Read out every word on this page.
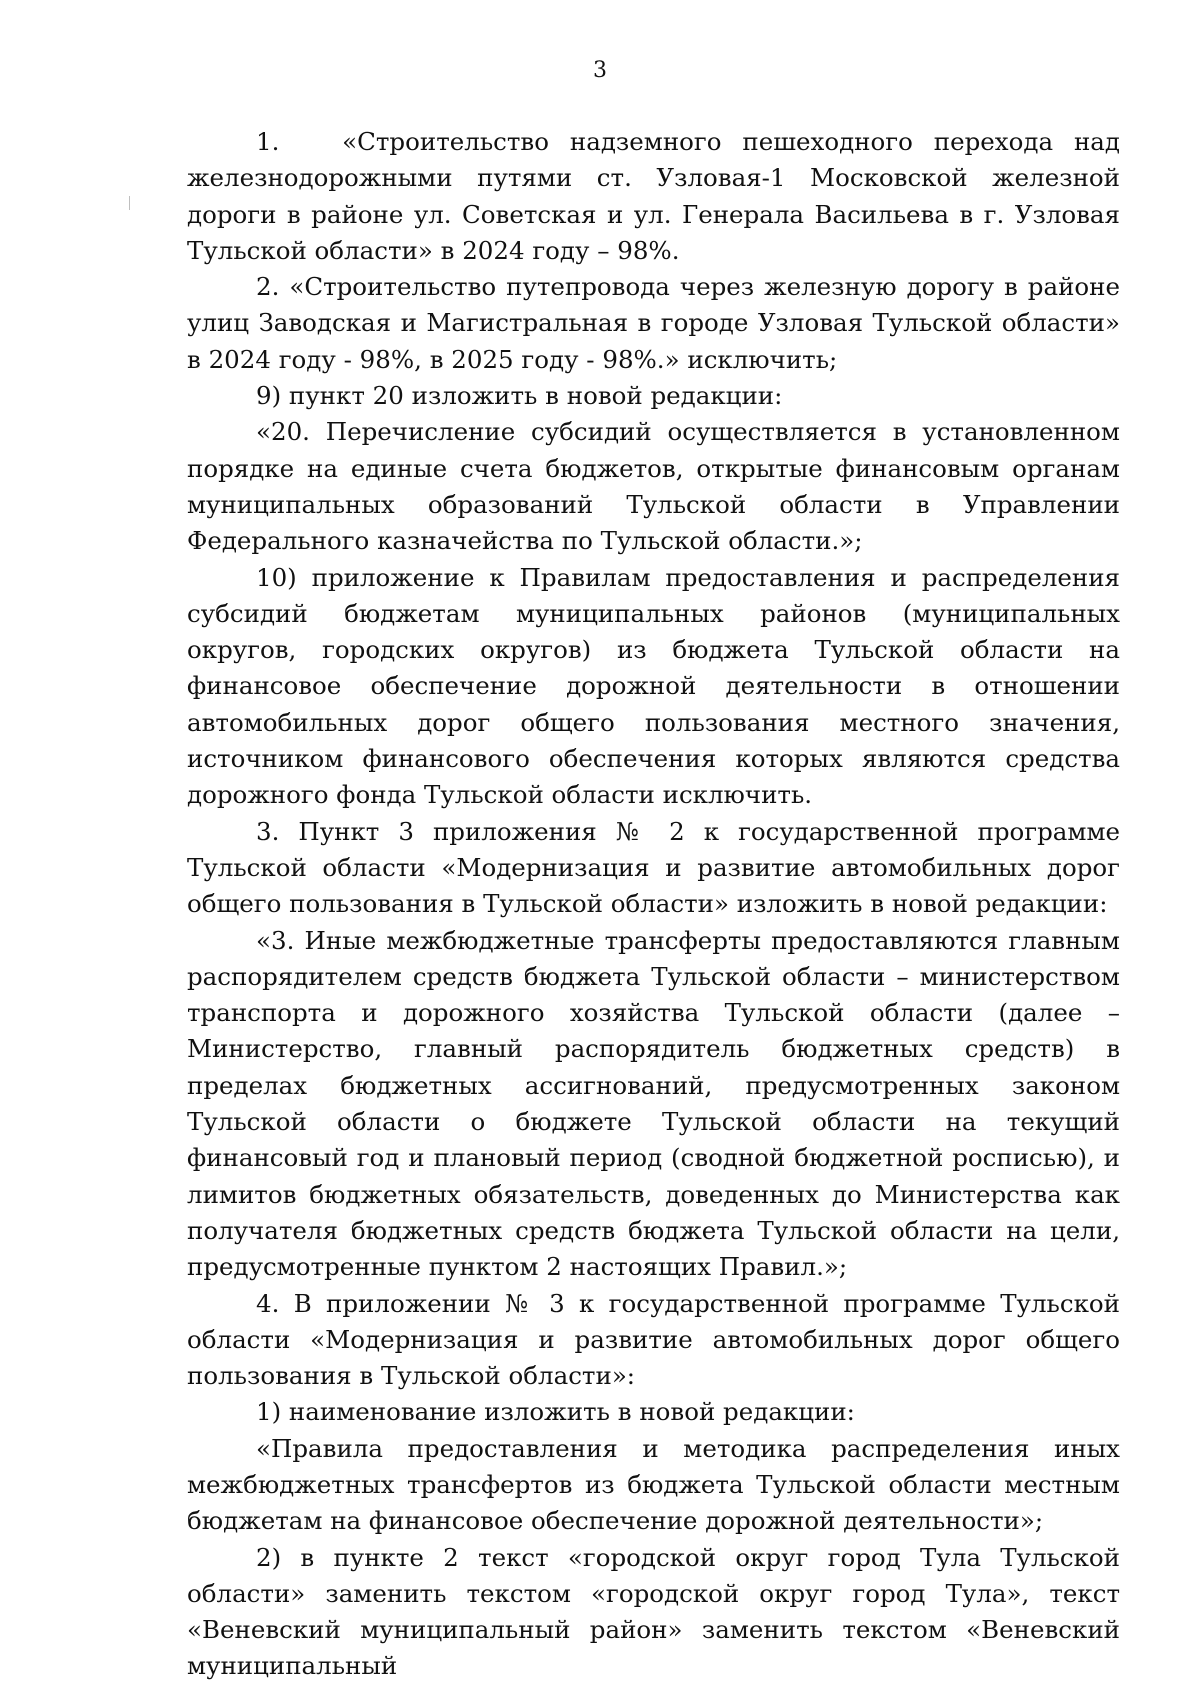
3

1.   «Строительство надземного пешеходного перехода над железнодорожными путями ст. Узловая-1 Московской железной дороги в районе ул. Советская и ул. Генерала Васильева в г. Узловая Тульской области» в 2024 году – 98%.

2. «Строительство путепровода через железную дорогу в районе улиц Заводская и Магистральная в городе Узловая Тульской области» в 2024 году - 98%, в 2025 году - 98%.» исключить;

9) пункт 20 изложить в новой редакции:

«20. Перечисление субсидий осуществляется в установленном порядке на единые счета бюджетов, открытые финансовым органам муниципальных образований Тульской области в Управлении Федерального казначейства по Тульской области.»;

10) приложение к Правилам предоставления и распределения субсидий бюджетам муниципальных районов (муниципальных округов, городских округов) из бюджета Тульской области на финансовое обеспечение дорожной деятельности в отношении автомобильных дорог общего пользования местного значения, источником финансового обеспечения которых являются средства дорожного фонда Тульской области исключить.

3. Пункт 3 приложения № 2 к государственной программе Тульской области «Модернизация и развитие автомобильных дорог общего пользования в Тульской области» изложить в новой редакции:

«3. Иные межбюджетные трансферты предоставляются главным распорядителем средств бюджета Тульской области – министерством транспорта и дорожного хозяйства Тульской области (далее – Министерство, главный распорядитель бюджетных средств) в пределах бюджетных ассигнований, предусмотренных законом Тульской области о бюджете Тульской области на текущий финансовый год и плановый период (сводной бюджетной росписью), и лимитов бюджетных обязательств, доведенных до Министерства как получателя бюджетных средств бюджета Тульской области на цели, предусмотренные пунктом 2 настоящих Правил.»;

4. В приложении № 3 к государственной программе Тульской области «Модернизация и развитие автомобильных дорог общего пользования в Тульской области»:

1) наименование изложить в новой редакции:

«Правила предоставления и методика распределения иных межбюджетных трансфертов из бюджета Тульской области местным бюджетам на финансовое обеспечение дорожной деятельности»;

2) в пункте 2 текст «городской округ город Тула Тульской области» заменить текстом «городской округ город Тула», текст «Веневский муниципальный район» заменить текстом «Веневский муниципальный
